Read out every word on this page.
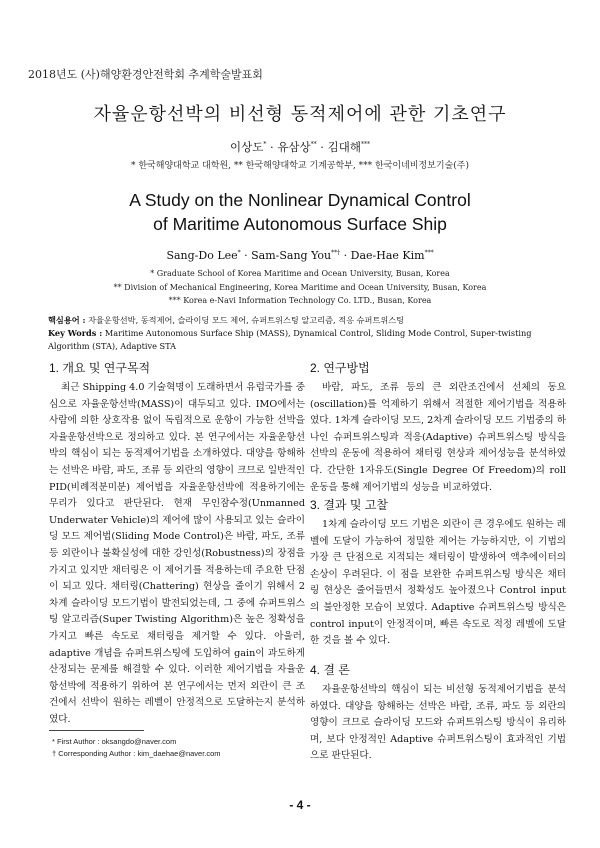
2018년도 (사)해양환경안전학회 추계학술발표회
자율운항선박의 비선형 동적제어에 관한 기초연구
이상도* · 유삼상** · 김대해***
* 한국해양대학교 대학원, ** 한국해양대학교 기계공학부, *** 한국이네비정보기술(주)
A Study on the Nonlinear Dynamical Control
of Maritime Autonomous Surface Ship
Sang-Do Lee* · Sam-Sang You**† · Dae-Hae Kim***
* Graduate School of Korea Maritime and Ocean University, Busan, Korea
** Division of Mechanical Engineering, Korea Maritime and Ocean University, Busan, Korea
*** Korea e-Navi Information Technology Co. LTD., Busan, Korea
핵심용어 : 자율운항선박, 동적제어, 슬라이딩 모드 제어, 슈퍼트위스팅 알고리즘, 적응 슈퍼트위스팅
Key Words : Maritime Autonomous Surface Ship (MASS), Dynamical Control, Sliding Mode Control, Super-twisting Algorithm (STA), Adaptive STA
1. 개요 및 연구목적

최근 Shipping 4.0 기술혁명이 도래하면서 유럽국가를 중심으로 자율운항선박(MASS)이 대두되고 있다. IMO에서는 사람에 의한 상호작용 없이 독립적으로 운항이 가능한 선박을 자율운항선박으로 정의하고 있다. 본 연구에서는 자율운항선박의 핵심이 되는 동적제어기법을 소개하였다. 대양을 항해하는 선박은 바람, 파도, 조류 등 외란의 영향이 크므로 일반적인 PID(비례적분미분) 제어법을 자율운항선박에 적용하기에는 무리가 있다고 판단된다. 현재 무인잠수정(Unmanned Underwater Vehicle)의 제어에 많이 사용되고 있는 슬라이딩 모드 제어법(Sliding Mode Control)은 바람, 파도, 조류 등 외란이나 불확실성에 대한 강인성(Robustness)의 장점을 가지고 있지만 채터링은 이 제어기를 적용하는데 주요한 단점이 되고 있다. 채터링(Chattering) 현상을 줄이기 위해서 2차계 슬라이딩 모드기법이 발전되었는데, 그 중에 슈퍼트위스팅 알고리즘(Super Twisting Algorithm)은 높은 정확성을 가지고 빠른 속도로 채터링을 제거할 수 있다. 아울러, adaptive 개념을 슈퍼트위스팅에 도입하여 gain이 과도하게 산정되는 문제를 해결할 수 있다. 이러한 제어기법을 자율운항선박에 적용하기 위하여 본 연구에서는 먼저 외란이 큰 조건에서 선박이 원하는 레벨이 안정적으로 도달하는지 분석하였다.

2. 연구방법

바람, 파도, 조류 등의 큰 외란조건에서 선체의 동요(oscillation)를 억제하기 위해서 적절한 제어기법을 적용하였다. 1차계 슬라이딩 모드, 2차계 슬라이딩 모드 기법중의 하나인 슈퍼트위스팅과 적응(Adaptive) 슈퍼트위스팅 방식을 선박의 운동에 적용하여 채터링 현상과 제어성능을 분석하였다. 간단한 1자유도(Single Degree Of Freedom)의 roll 운동을 통해 제어기법의 성능을 비교하였다.

3. 결과 및 고찰

1차계 슬라이딩 모드 기법은 외란이 큰 경우에도 원하는 레벨에 도달이 가능하여 정밀한 제어는 가능하지만, 이 기법의 가장 큰 단점으로 지적되는 채터링이 발생하여 액추에이터의 손상이 우려된다. 이 점을 보완한 슈퍼트위스팅 방식은 채터링 현상은 줄어들면서 정확성도 높아졌으나 Control input의 불안정한 모습이 보였다. Adaptive 슈퍼트위스팅 방식은 control input이 안정적이며, 빠른 속도로 적정 레벨에 도달한 것을 볼 수 있다.

4. 결 론

자율운항선박의 핵심이 되는 비선형 동적제어기법을 분석하였다. 대양을 항해하는 선박은 바람, 조류, 파도 등 외란의 영향이 크므로 슬라이딩 모드와 슈퍼트위스팅 방식이 유리하며, 보다 안정적인 Adaptive 슈퍼트위스팅이 효과적인 기법으로 판단된다.

* First Author : oksangdo@naver.com
† Corresponding Author : kim_daehae@naver.com
- 4 -
